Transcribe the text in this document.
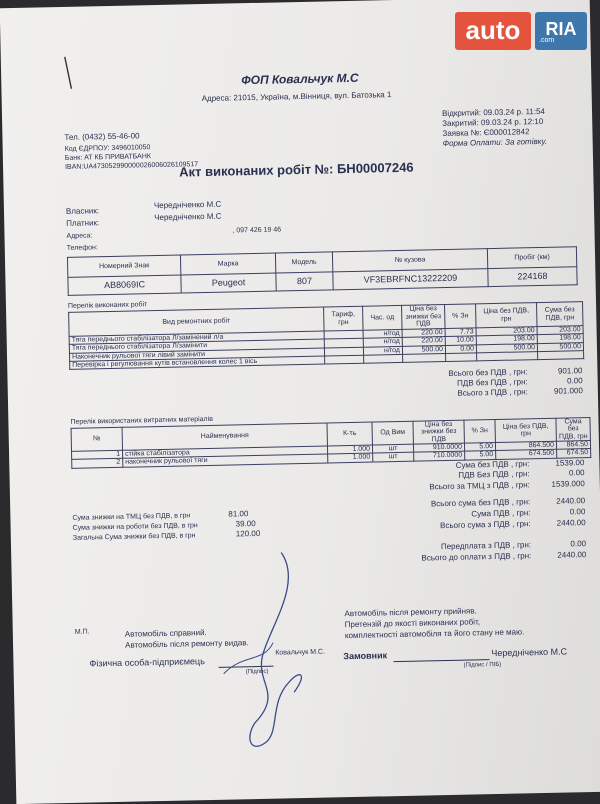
ФОП Ковальчук М.С
Адреса: 21015, Україна, м.Вінниця, вул. Батозька 1
Тел. (0432) 55-46-00
Код ЄДРПОУ: 3496010050
Банк: АТ КБ ПРИВАТБАНК
IBAN:UA473052990000026006026109517
Відкритий: 09.03.24 р. 11:54
Закритий: 09.03.24 р. 12:10
Заявка №: Є000012842
Форма Оплати: За готівку.
Акт виконаних робіт №: БН00007246
Власник:
Чередніченко М.С
Платник:
Чередніченко М.С
Адреса:
, 097 426 19 46
Телефон:
Номерний Знак	Марка	Модель	№ кузова	Пробіг (км)
АВ8069ІС	Peugeot	807	VF3EBRFNC13222209	224168
Перелік виконаних робіт
Вид ремонтних робіт	Тариф, грн	Час. од	Ціна без знижки без ПДВ	% Зн	Ціна без ПДВ, грн	Сума без ПДВ, грн
Тяга переднього стабілізатора Л/замінений л/а		н/год	220.00	7.73	203.00	203.00
Тяга переднього стабілізатора Л/замінити		н/год	220.00	10.00	198.00	198.00
Наконечник рульової тяги лівий замінити		н/год	500.00	0.00	500.00	500.00
Перевірка і регулювання кутів встановлення колес 1 вісь						
Всього без ПДВ , грн:	901.00
ПДВ без ПДВ , грн:	0.00
Всього з ПДВ , грн:	901.000
Перелік використаних витратних матеріалів
№	Найменування	К-ть	Од Вим	Ціна без знижки без ПДВ	% Зн	Ціна без ПДВ, грн	Сума без ПДВ, грн
1	стійка стабілізатора	1.000	шт	910.0000	5.00	864.500	864.50
2	наконечник рульової тяги	1.000	шт	710.0000	5.00	674.500	674.50
Сума без ПДВ , грн:	1539.00
ПДВ Без ПДВ , грн:	0.00
Всього за ТМЦ з ПДВ , грн:	1539.000
Сума знижки на ТМЦ без ПДВ, в грн	81.00
Сума знижки на роботи без ПДВ, в грн	39.00
Загальна Сума знижки без ПДВ, в грн	120.00
Всього сума без ПДВ , грн:	2440.00
Сума ПДВ , грн:	0.00
Всього сума з ПДВ , грн:	2440.00
Передплата з ПДВ , грн:	0.00
Всього до оплати з ПДВ , грн:	2440.00
М.П.	Автомобіль справний.
Автомобіль після ремонту видав.
Автомобіль після ремонту прийняв.
Претензій до якості виконаних робіт,
комплектності автомобіля та його стану не маю.
Фізична особа-підприємець
Ковальчук М.С.
(Підпис)
Замовник	Чередніченко М.С
(Підпис / ПІБ)
auto	RIA
.com
